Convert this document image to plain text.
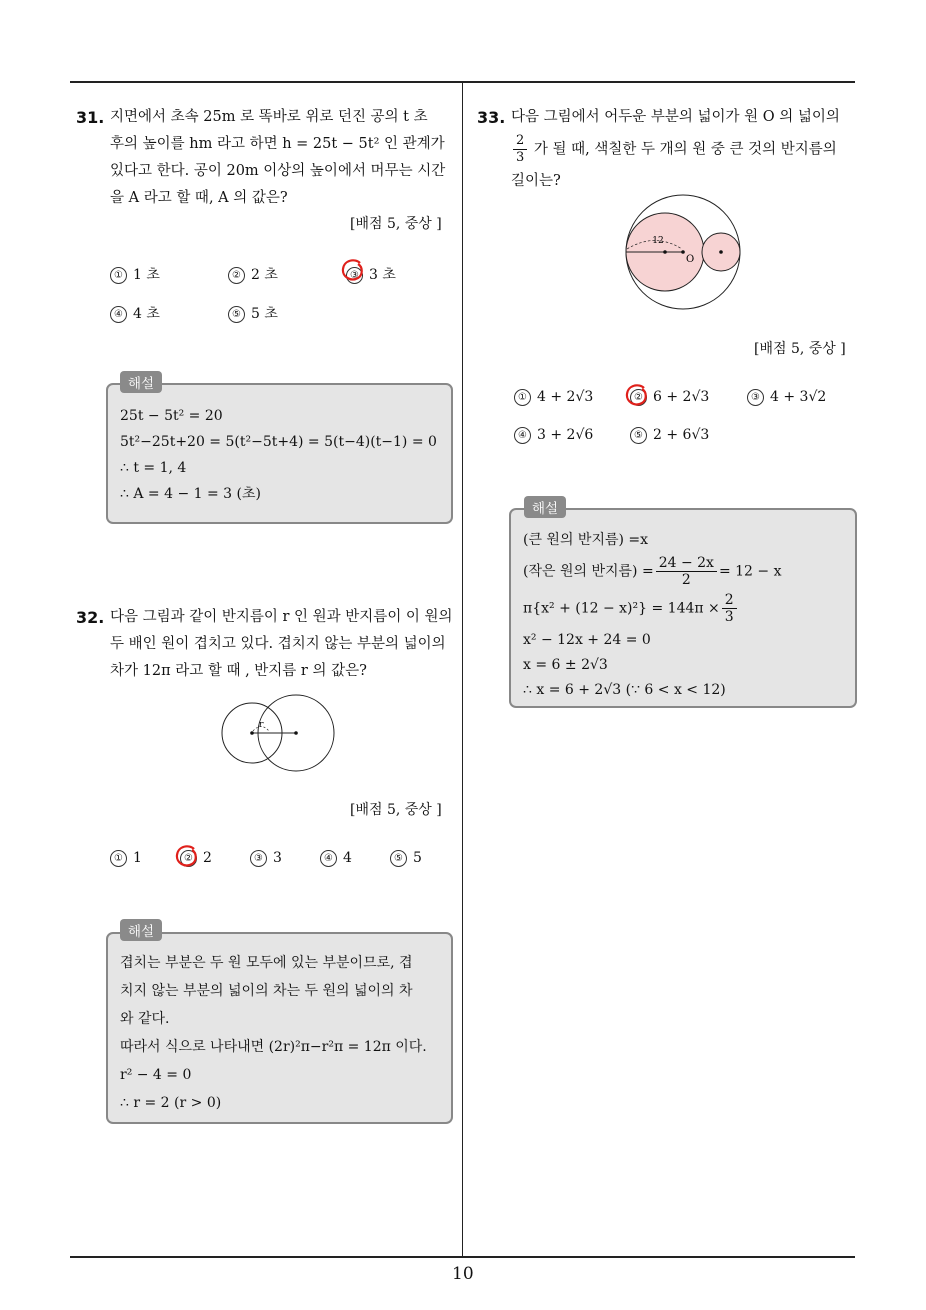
10
31. 지면에서 초속 25m 로 똑바로 위로 던진 공의 t 초
후의 높이를 hm 라고 하면 h = 25t − 5t² 인 관계가
있다고 한다. 공이 20m 이상의 높이에서 머무는 시간
을 A 라고 할 때, A 의 값은?
[배점 5, 중상 ]
① 1 초	② 2 초	③ 3 초
④ 4 초	⑤ 5 초
25t − 5t² = 20
5t²−25t+20 = 5(t²−5t+4) = 5(t−4)(t−1) = 0
∴ t = 1, 4
∴ A = 4 − 1 = 3 (초)
해설
32. 다음 그림과 같이 반지름이 r 인 원과 반지름이 이 원의
두 배인 원이 겹치고 있다. 겹치지 않는 부분의 넓이의
차가 12π 라고 할 때 , 반지름 r 의 값은?
r
[배점 5, 중상 ]
① 1	② 2	③ 3	④ 4	⑤ 5
겹치는 부분은 두 원 모두에 있는 부분이므로, 겹
치지 않는 부분의 넓이의 차는 두 원의 넓이의 차
와 같다.
따라서 식으로 나타내면 (2r)²π−r²π = 12π 이다.
r² − 4 = 0
∴ r = 2 (r > 0)
해설
33. 다음 그림에서 어두운 부분의 넓이가 원 O 의 넓이의
$\frac{2}{3}$ 가 될 때, 색칠한 두 개의 원 중 큰 것의 반지름의
길이는?
12
O
[배점 5, 중상 ]
① 4 + 2√3	② 6 + 2√3	③ 4 + 3√2
④ 3 + 2√6	⑤ 2 + 6√3
(큰 원의 반지름) =x
(작은 원의 반지름) = $\frac{24 - 2x}{2} = 12 - x$
$\pi\{x^2 + (12 - x)^2\} = 144\pi \times \frac{2}{3}$
x² − 12x + 24 = 0
x = 6 ± 2√3
∴ x = 6 + 2√3 (∵ 6 < x < 12)
해설
